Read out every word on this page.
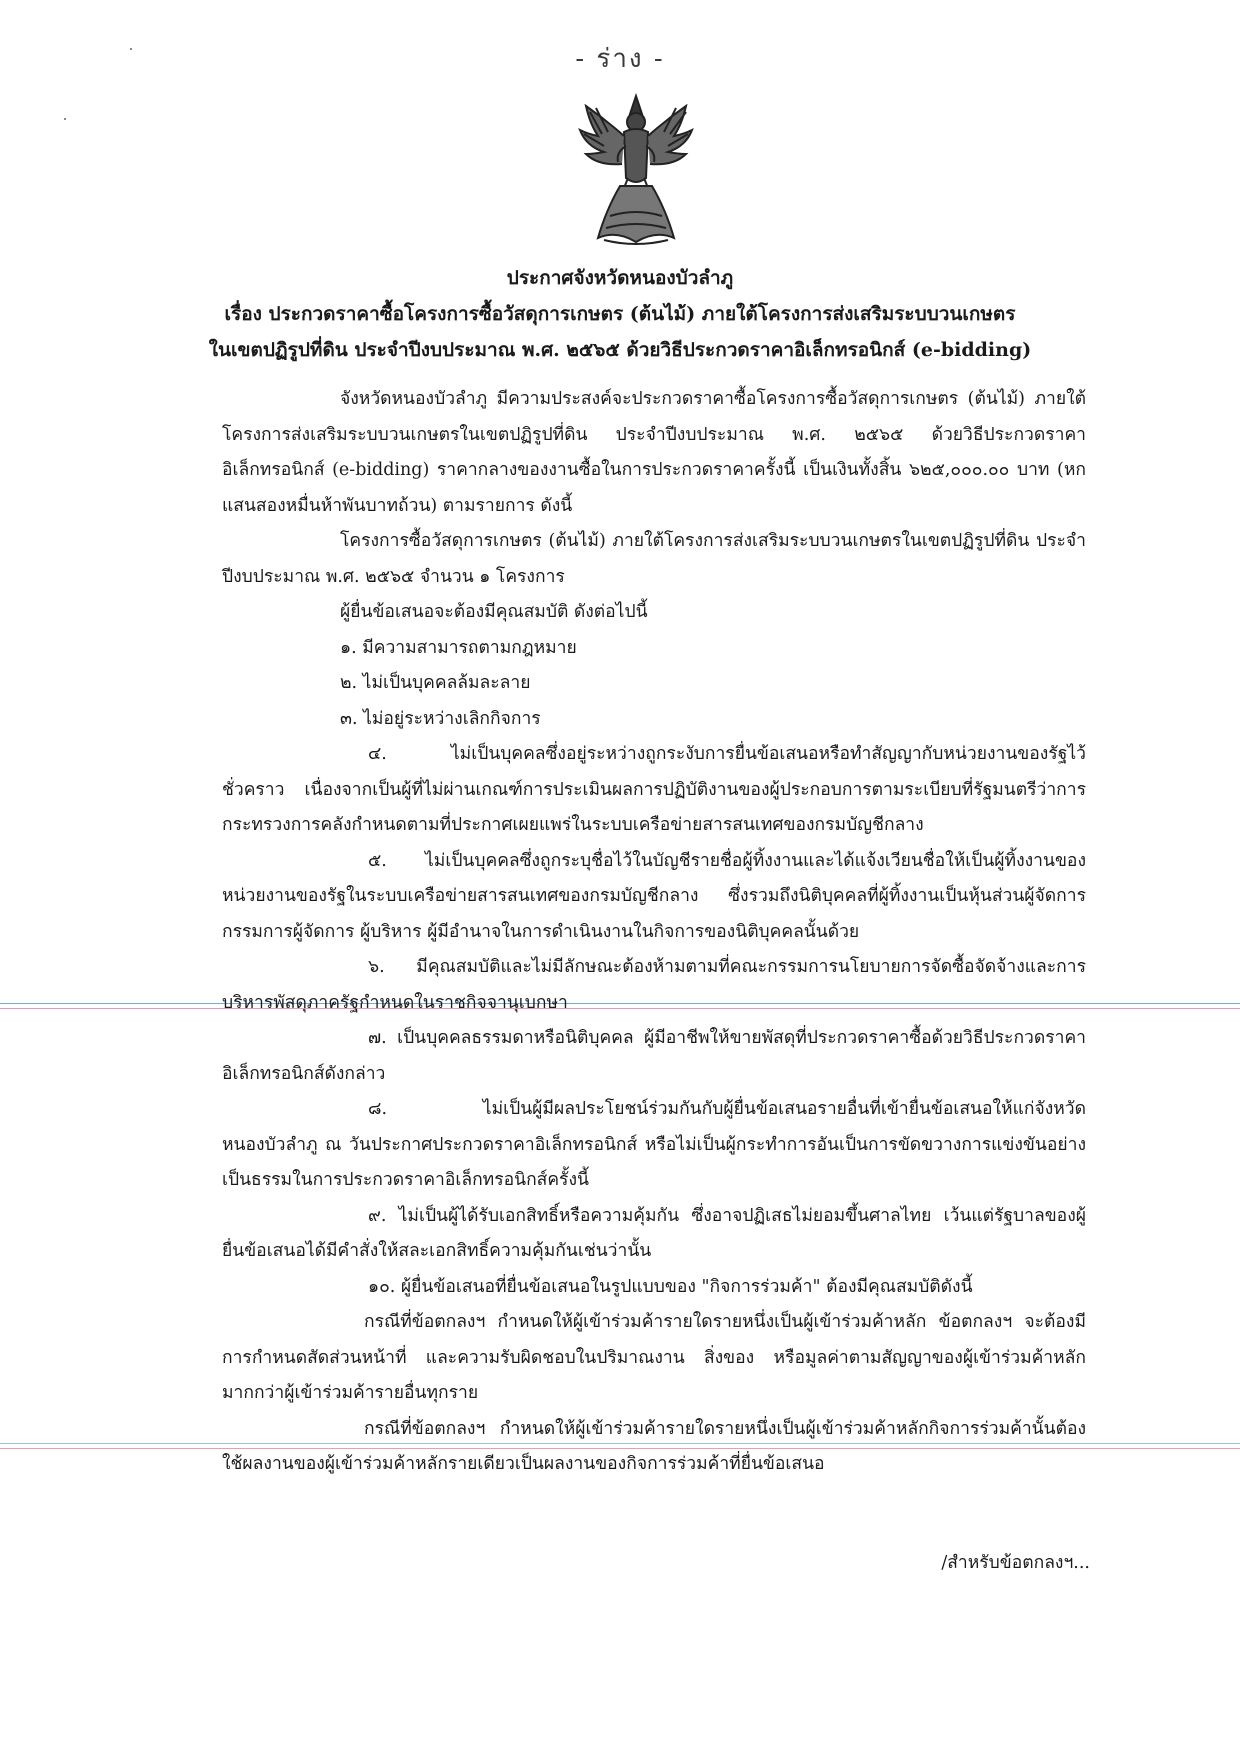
- ร่าง -
ประกาศจังหวัดหนองบัวลำภู
เรื่อง ประกวดราคาซื้อโครงการซื้อวัสดุการเกษตร (ต้นไม้) ภายใต้โครงการส่งเสริมระบบวนเกษตร
ในเขตปฏิรูปที่ดิน ประจำปีงบประมาณ พ.ศ. ๒๕๖๕ ด้วยวิธีประกวดราคาอิเล็กทรอนิกส์ (e-bidding)

จังหวัดหนองบัวลำภู มีความประสงค์จะประกวดราคาซื้อโครงการซื้อวัสดุการเกษตร (ต้นไม้) ภายใต้โครงการส่งเสริมระบบวนเกษตรในเขตปฏิรูปที่ดิน ประจำปีงบประมาณ พ.ศ. ๒๕๖๕ ด้วยวิธีประกวดราคาอิเล็กทรอนิกส์ (e-bidding) ราคากลางของงานซื้อในการประกวดราคาครั้งนี้ เป็นเงินทั้งสิ้น ๖๒๕,๐๐๐.๐๐ บาท (หกแสนสองหมื่นห้าพันบาทถ้วน) ตามรายการ ดังนี้

โครงการซื้อวัสดุการเกษตร (ต้นไม้) ภายใต้โครงการส่งเสริมระบบวนเกษตรในเขตปฏิรูปที่ดิน ประจำปีงบประมาณ พ.ศ. ๒๕๖๕ จำนวน ๑ โครงการ

ผู้ยื่นข้อเสนอจะต้องมีคุณสมบัติ ดังต่อไปนี้

๑. มีความสามารถตามกฎหมาย

๒. ไม่เป็นบุคคลล้มละลาย

๓. ไม่อยู่ระหว่างเลิกกิจการ

๔. ไม่เป็นบุคคลซึ่งอยู่ระหว่างถูกระงับการยื่นข้อเสนอหรือทำสัญญากับหน่วยงานของรัฐไว้ชั่วคราว เนื่องจากเป็นผู้ที่ไม่ผ่านเกณฑ์การประเมินผลการปฏิบัติงานของผู้ประกอบการตามระเบียบที่รัฐมนตรีว่าการกระทรวงการคลังกำหนดตามที่ประกาศเผยแพร่ในระบบเครือข่ายสารสนเทศของกรมบัญชีกลาง

๕. ไม่เป็นบุคคลซึ่งถูกระบุชื่อไว้ในบัญชีรายชื่อผู้ทิ้งงานและได้แจ้งเวียนชื่อให้เป็นผู้ทิ้งงานของหน่วยงานของรัฐในระบบเครือข่ายสารสนเทศของกรมบัญชีกลาง ซึ่งรวมถึงนิติบุคคลที่ผู้ทิ้งงานเป็นหุ้นส่วนผู้จัดการ กรรมการผู้จัดการ ผู้บริหาร ผู้มีอำนาจในการดำเนินงานในกิจการของนิติบุคคลนั้นด้วย

๖. มีคุณสมบัติและไม่มีลักษณะต้องห้ามตามที่คณะกรรมการนโยบายการจัดซื้อจัดจ้างและการบริหารพัสดุภาครัฐกำหนดในราชกิจจานุเบกษา

๗. เป็นบุคคลธรรมดาหรือนิติบุคคล ผู้มีอาชีพให้ขายพัสดุที่ประกวดราคาซื้อด้วยวิธีประกวดราคาอิเล็กทรอนิกส์ดังกล่าว

๘. ไม่เป็นผู้มีผลประโยชน์ร่วมกันกับผู้ยื่นข้อเสนอรายอื่นที่เข้ายื่นข้อเสนอให้แก่จังหวัดหนองบัวลำภู ณ วันประกาศประกวดราคาอิเล็กทรอนิกส์ หรือไม่เป็นผู้กระทำการอันเป็นการขัดขวางการแข่งขันอย่างเป็นธรรมในการประกวดราคาอิเล็กทรอนิกส์ครั้งนี้

๙. ไม่เป็นผู้ได้รับเอกสิทธิ์หรือความคุ้มกัน ซึ่งอาจปฏิเสธไม่ยอมขึ้นศาลไทย เว้นแต่รัฐบาลของผู้ยื่นข้อเสนอได้มีคำสั่งให้สละเอกสิทธิ์ความคุ้มกันเช่นว่านั้น

๑๐. ผู้ยื่นข้อเสนอที่ยื่นข้อเสนอในรูปแบบของ "กิจการร่วมค้า" ต้องมีคุณสมบัติดังนี้

กรณีที่ข้อตกลงฯ กำหนดให้ผู้เข้าร่วมค้ารายใดรายหนึ่งเป็นผู้เข้าร่วมค้าหลัก ข้อตกลงฯ จะต้องมีการกำหนดสัดส่วนหน้าที่ และความรับผิดชอบในปริมาณงาน สิ่งของ หรือมูลค่าตามสัญญาของผู้เข้าร่วมค้าหลักมากกว่าผู้เข้าร่วมค้ารายอื่นทุกราย

กรณีที่ข้อตกลงฯ กำหนดให้ผู้เข้าร่วมค้ารายใดรายหนึ่งเป็นผู้เข้าร่วมค้าหลักกิจการร่วมค้านั้นต้องใช้ผลงานของผู้เข้าร่วมค้าหลักรายเดียวเป็นผลงานของกิจการร่วมค้าที่ยื่นข้อเสนอ

/สำหรับข้อตกลงฯ...
